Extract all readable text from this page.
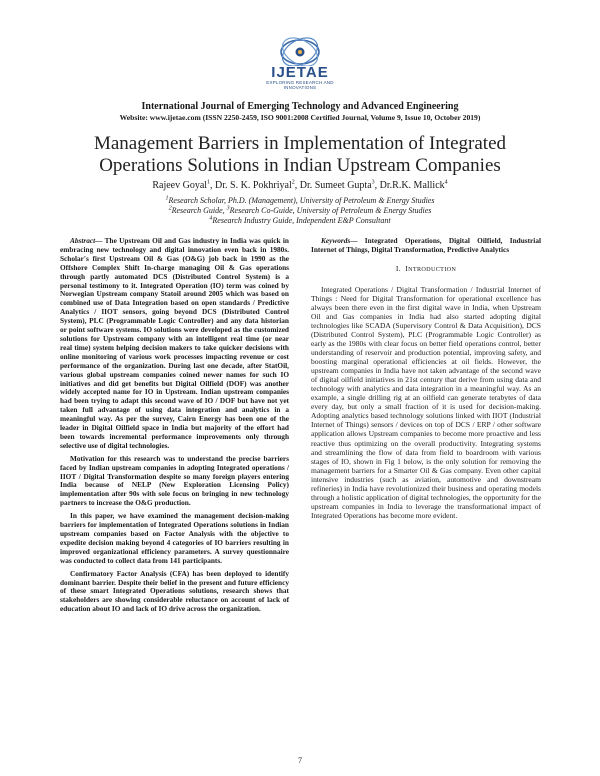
IJETAE
EXPLORING RESEARCH AND INNOVATIONS
International Journal of Emerging Technology and Advanced Engineering
Website: www.ijetae.com (ISSN 2250-2459, ISO 9001:2008 Certified Journal, Volume 9, Issue 10, October 2019)
Management Barriers in Implementation of Integrated
Operations Solutions in Indian Upstream Companies
Rajeev Goyal$^1$, Dr. S. K. Pokhriyal$^2$, Dr. Sumeet Gupta$^3$, Dr.R.K. Mallick$^4$
$^1$Research Scholar, Ph.D. (Management), University of Petroleum & Energy Studies
$^2$Research Guide, $^3$Research Co-Guide, University of Petroleum & Energy Studies
$^4$Research Industry Guide, Independent E&P Consultant

Abstract— The Upstream Oil and Gas industry in India was quick in embracing new technology and digital innovation even back in 1980s. Scholar's first Upstream Oil & Gas (O&G) job back in 1990 as the Offshore Complex Shift In-charge managing Oil & Gas operations through partly automated DCS (Distributed Control System) is a personal testimony to it. Integrated Operation (IO) term was coined by Norwegian Upstream company Statoil around 2005 which was based on combined use of Data Integration based on open standards / Predictive Analytics / IIOT sensors, going beyond DCS (Distributed Control System), PLC (Programmable Logic Controller) and any data historian or point software systems. IO solutions were developed as the customized solutions for Upstream company with an intelligent real time (or near real time) system helping decision makers to take quicker decisions with online monitoring of various work processes impacting revenue or cost performance of the organization. During last one decade, after StatOil, various global upstream companies coined newer names for such IO initiatives and did get benefits but Digital Oilfield (DOF) was another widely accepted name for IO in Upstream. Indian upstream companies had been trying to adapt this second wave of IO / DOF but have not yet taken full advantage of using data integration and analytics in a meaningful way. As per the survey, Cairn Energy has been one of the leader in Digital Oilfield space in India but majority of the effort had been towards incremental performance improvements only through selective use of digital technologies.

Motivation for this research was to understand the precise barriers faced by Indian upstream companies in adopting Integrated operations / IIOT / Digital Transformation despite so many foreign players entering India because of NELP (New Exploration Licensing Policy) implementation after 90s with sole focus on bringing in new technology partners to increase the O&G production.

In this paper, we have examined the management decision-making barriers for implementation of Integrated Operations solutions in Indian upstream companies based on Factor Analysis with the objective to expedite decision making beyond 4 categories of IO barriers resulting in improved organizational efficiency parameters. A survey questionnaire was conducted to collect data from 141 participants.

Confirmatory Factor Analysis (CFA) has been deployed to identify dominant barrier. Despite their belief in the present and future efficiency of these smart Integrated Operations solutions, research shows that stakeholders are showing considerable reluctance on account of lack of education about IO and lack of IO drive across the organization.

Keywords— Integrated Operations, Digital Oilfield, Industrial Internet of Things, Digital Transformation, Predictive Analytics

I. INTRODUCTION

Integrated Operations / Digital Transformation / Industrial Internet of Things : Need for Digital Transformation for operational excellence has always been there even in the first digital wave in India, when Upstream Oil and Gas companies in India had also started adopting digital technologies like SCADA (Supervisory Control & Data Acquisition), DCS (Distributed Control System), PLC (Programmable Logic Controller) as early as the 1980s with clear focus on better field operations control, better understanding of reservoir and production potential, improving safety, and boosting marginal operational efficiencies at oil fields. However, the upstream companies in India have not taken advantage of the second wave of digital oilfield initiatives in 21st century that derive from using data and technology with analytics and data integration in a meaningful way. As an example, a single drilling rig at an oilfield can generate terabytes of data every day, but only a small fraction of it is used for decision-making. Adopting analytics based technology solutions linked with IIOT (Industrial Internet of Things) sensors / devices on top of DCS / ERP / other software application allows Upstream companies to become more proactive and less reactive thus optimizing on the overall productivity. Integrating systems and streamlining the flow of data from field to boardroom with various stages of IO, shown in Fig 1 below, is the only solution for removing the management barriers for a Smarter Oil & Gas company. Even other capital intensive industries (such as aviation, automotive and downstream refineries) in India have revolutionized their business and operating models through a holistic application of digital technologies, the opportunity for the upstream companies in India to leverage the transformational impact of Integrated Operations has become more evident.

7
